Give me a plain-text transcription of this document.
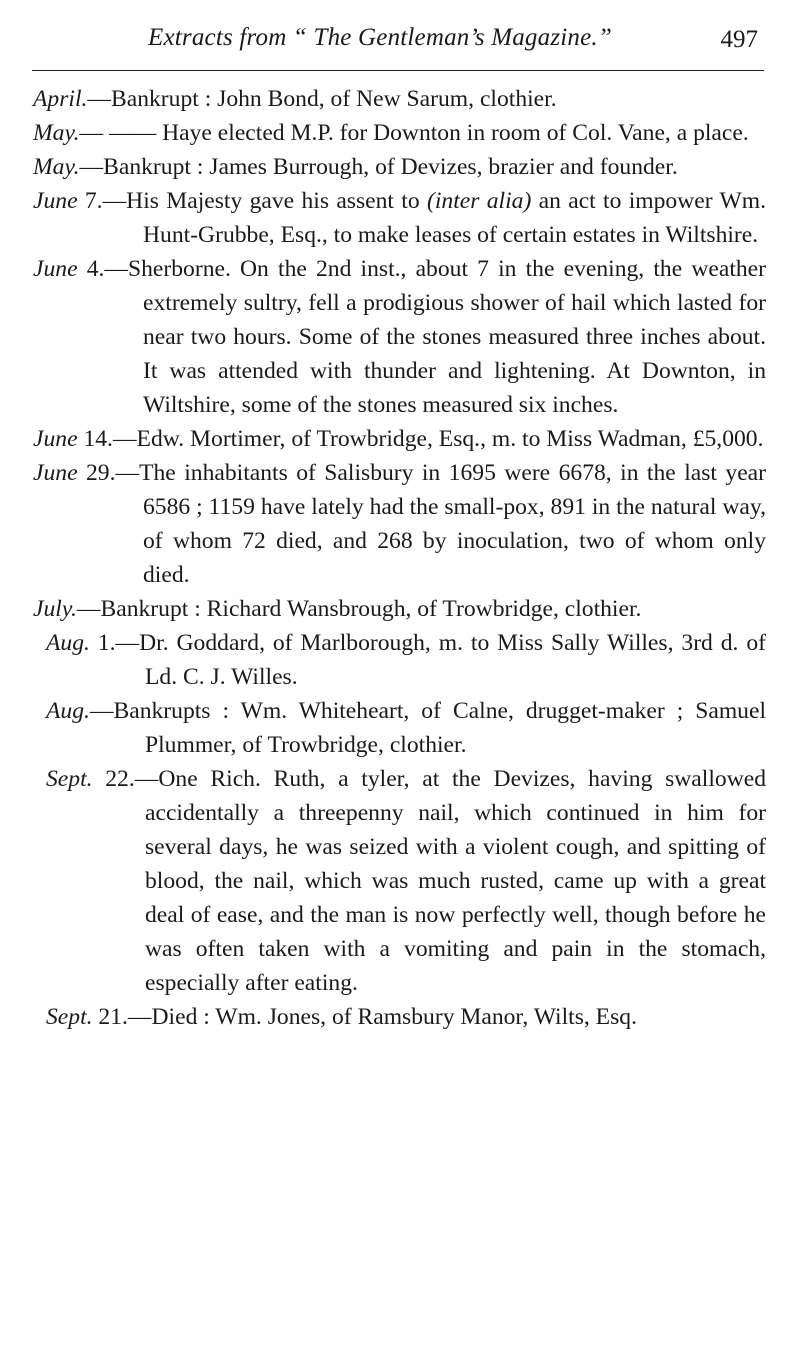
Extracts from “ The Gentleman’s Magazine.”	497

April.—Bankrupt : John Bond, of New Sarum, clothier.

May.— —— Haye elected M.P. for Downton in room of Col. Vane, a place.

May.—Bankrupt : James Burrough, of Devizes, brazier and founder.

June 7.—His Majesty gave his assent to (inter alia) an act to impower Wm. Hunt-Grubbe, Esq., to make leases of certain estates in Wiltshire.

June 4.—Sherborne. On the 2nd inst., about 7 in the evening, the weather extremely sultry, fell a prodigious shower of hail which lasted for near two hours. Some of the stones measured three inches about. It was attended with thunder and lightening. At Downton, in Wiltshire, some of the stones measured six inches.

June 14.—Edw. Mortimer, of Trowbridge, Esq., m. to Miss Wadman, £5,000.

June 29.—The inhabitants of Salisbury in 1695 were 6678, in the last year 6586 ; 1159 have lately had the small-pox, 891 in the natural way, of whom 72 died, and 268 by inoculation, two of whom only died.

July.—Bankrupt : Richard Wansbrough, of Trowbridge, clothier.

Aug. 1.—Dr. Goddard, of Marlborough, m. to Miss Sally Willes, 3rd d. of Ld. C. J. Willes.

Aug.—Bankrupts : Wm. Whiteheart, of Calne, drugget-maker ; Samuel Plummer, of Trowbridge, clothier.

Sept. 22.—One Rich. Ruth, a tyler, at the Devizes, having swallowed accidentally a threepenny nail, which continued in him for several days, he was seized with a violent cough, and spitting of blood, the nail, which was much rusted, came up with a great deal of ease, and the man is now perfectly well, though before he was often taken with a vomiting and pain in the stomach, especially after eating.

Sept. 21.—Died : Wm. Jones, of Ramsbury Manor, Wilts, Esq.
